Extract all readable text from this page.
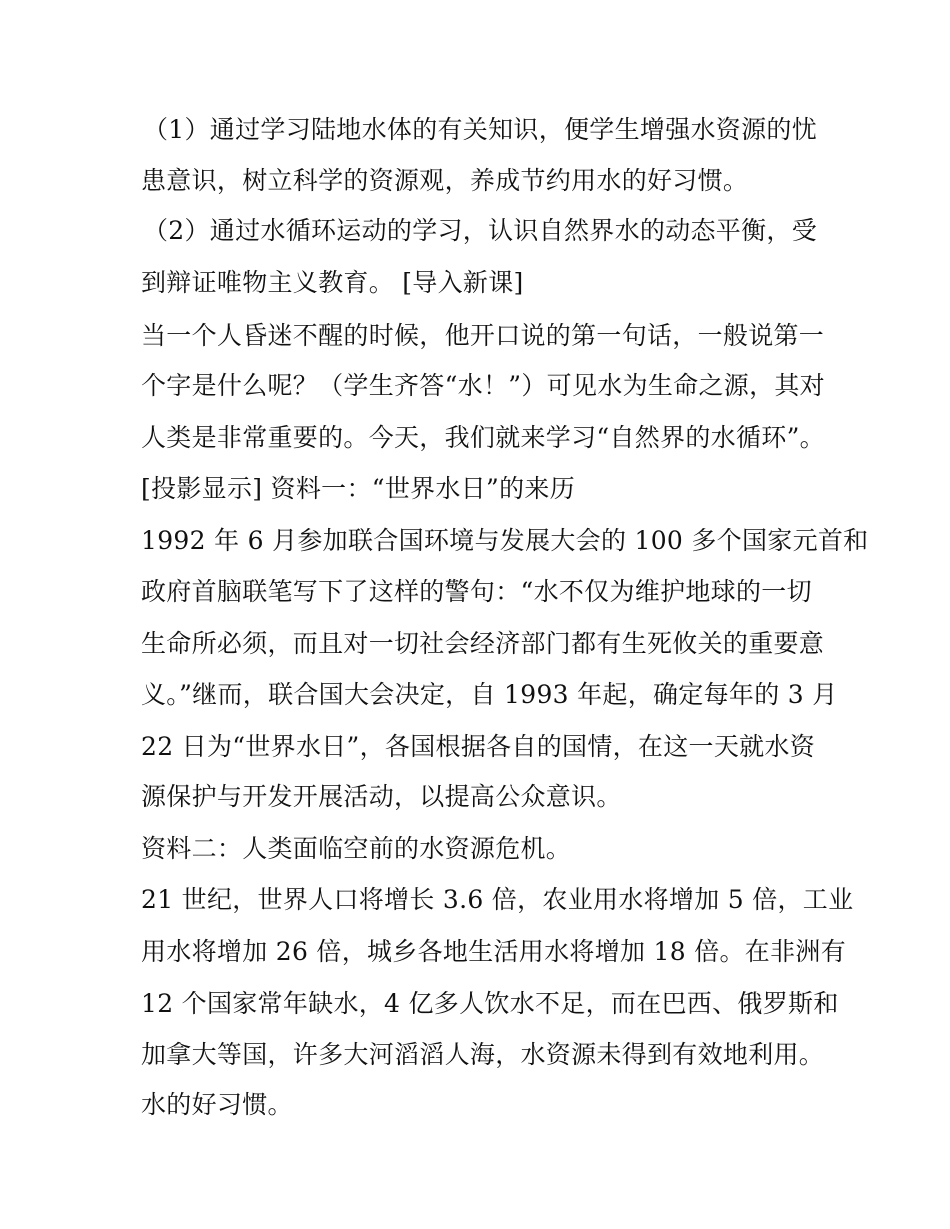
（1）通过学习陆地水体的有关知识，便学生增强水资源的忧
患意识，树立科学的资源观，养成节约用水的好习惯。
（2）通过水循环运动的学习，认识自然界水的动态平衡，受
到辩证唯物主义教育。 [导入新课]
当一个人昏迷不醒的时候，他开口说的第一句话，一般说第一
个字是什么呢？（学生齐答“水！”）可见水为生命之源，其对
人类是非常重要的。今天，我们就来学习“自然界的水循环”。
[投影显示] 资料一：“世界水日”的来历
1992 年 6 月参加联合国环境与发展大会的 100 多个国家元首和
政府首脑联笔写下了这样的警句：“水不仅为维护地球的一切
生命所必须，而且对一切社会经济部门都有生死攸关的重要意
义。”继而，联合国大会决定，自 1993 年起，确定每年的 3 月
22 日为“世界水日”，各国根据各自的国情，在这一天就水资
源保护与开发开展活动，以提高公众意识。
资料二：人类面临空前的水资源危机。
21 世纪，世界人口将增长 3.6 倍，农业用水将增加 5 倍，工业
用水将增加 26 倍，城乡各地生活用水将增加 18 倍。在非洲有
12 个国家常年缺水，4 亿多人饮水不足，而在巴西、俄罗斯和
加拿大等国，许多大河滔滔人海，水资源未得到有效地利用。
水的好习惯。
